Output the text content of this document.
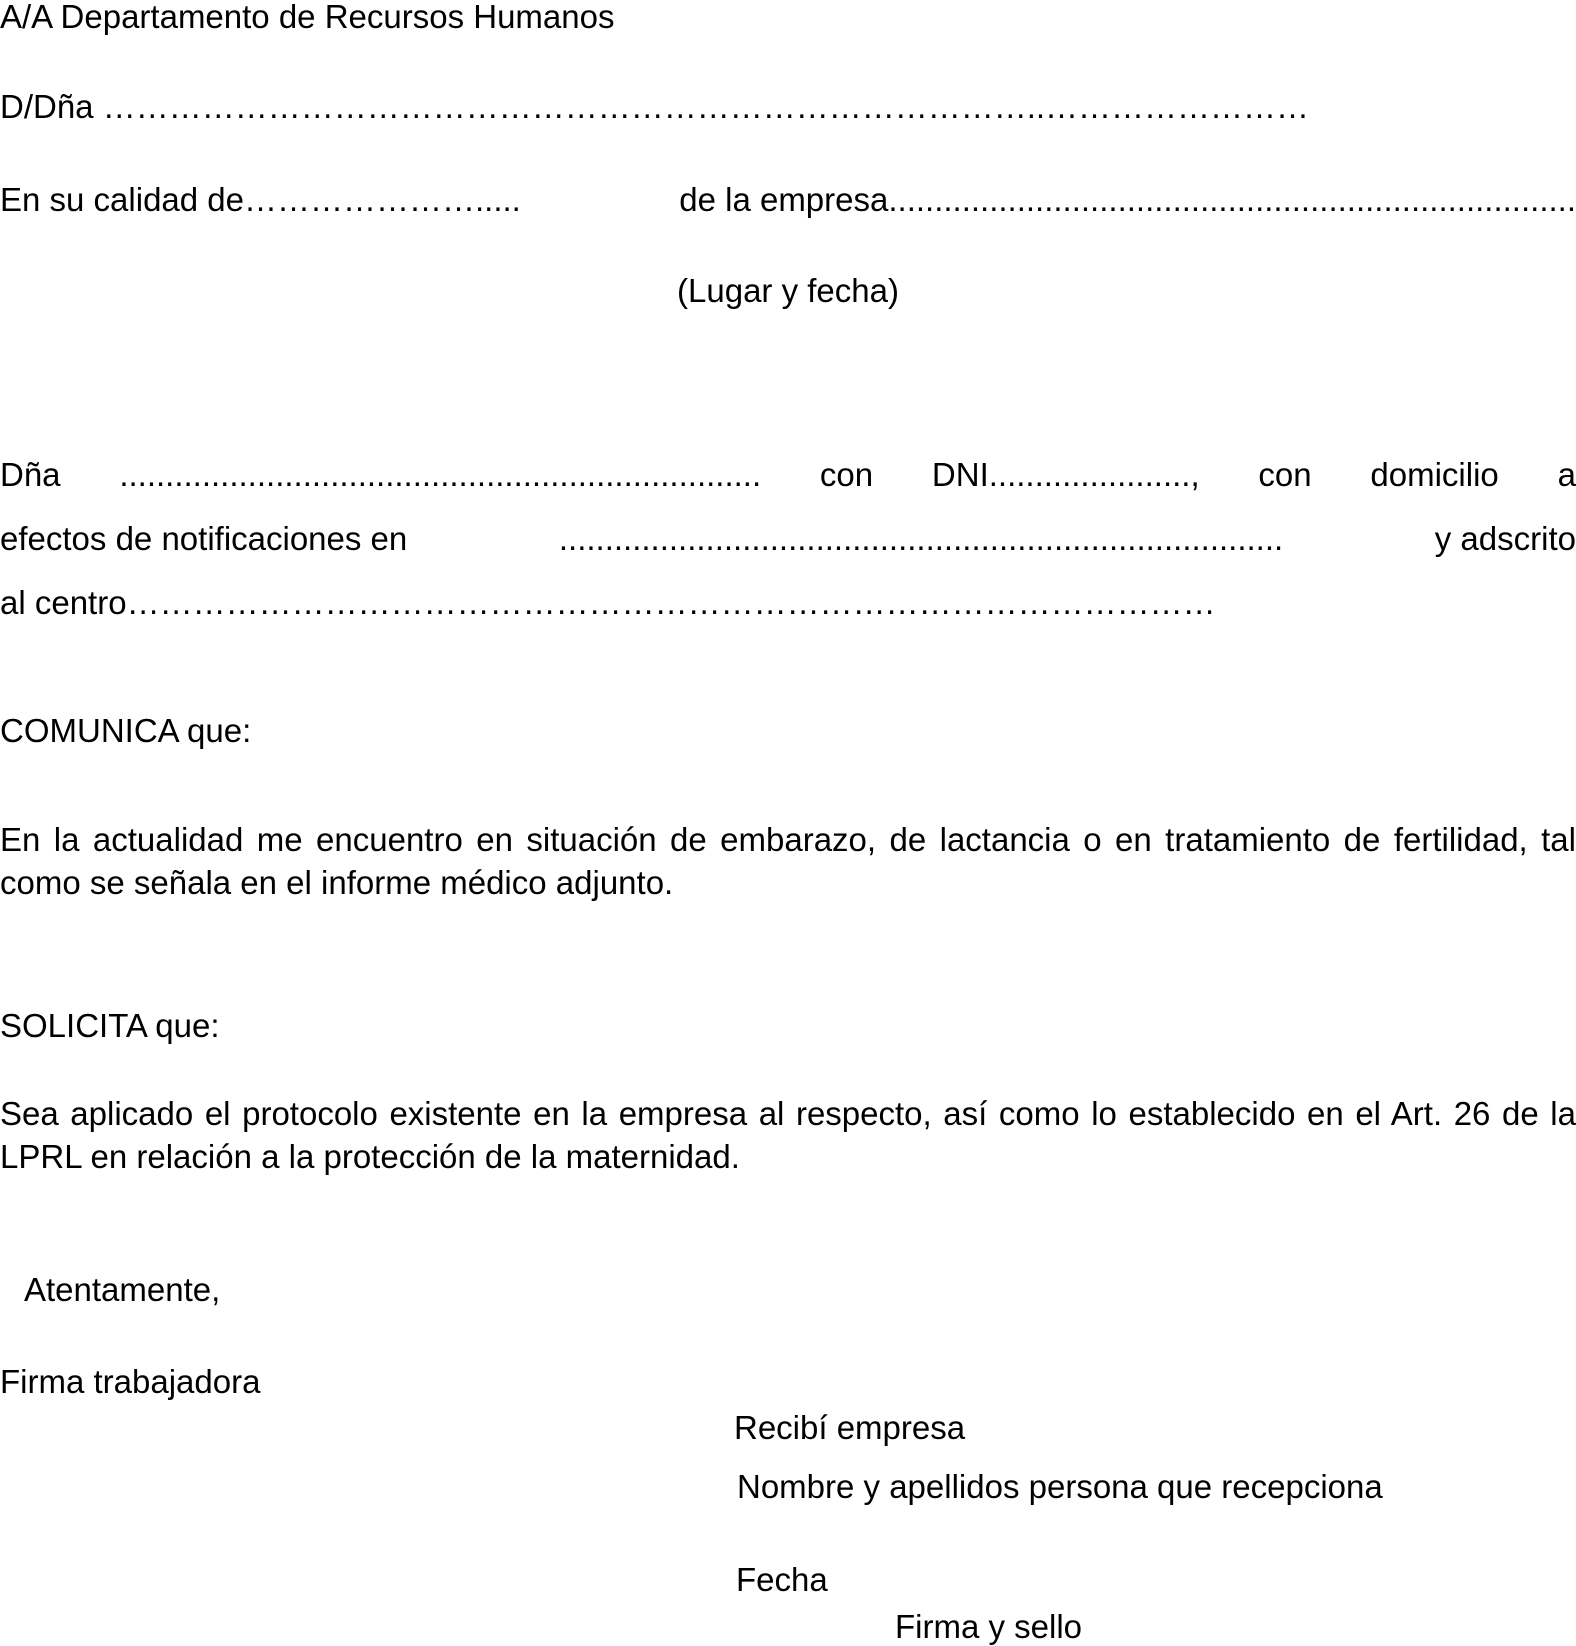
A/A Departamento de Recursos Humanos
D/Dña …………………………………………………………………………..……………………
En su calidad de………………….....	de la empresa...........................................................................
(Lugar y fecha)
Dña ...................................................................... con DNI......................, con domicilio a
efectos de notificaciones en	...............................................................................	y adscrito
al centro………………………………………………………………………………………
COMUNICA que:
En la actualidad me encuentro en situación de embarazo, de lactancia o en tratamiento de fertilidad, tal como se señala en el informe médico adjunto.
SOLICITA que:
Sea aplicado el protocolo existente en la empresa al respecto, así como lo establecido en el Art. 26 de la LPRL en relación a la protección de la maternidad.
Atentamente,
Firma trabajadora
Recibí empresa
Nombre y apellidos persona que recepciona
Fecha
Firma y sello
